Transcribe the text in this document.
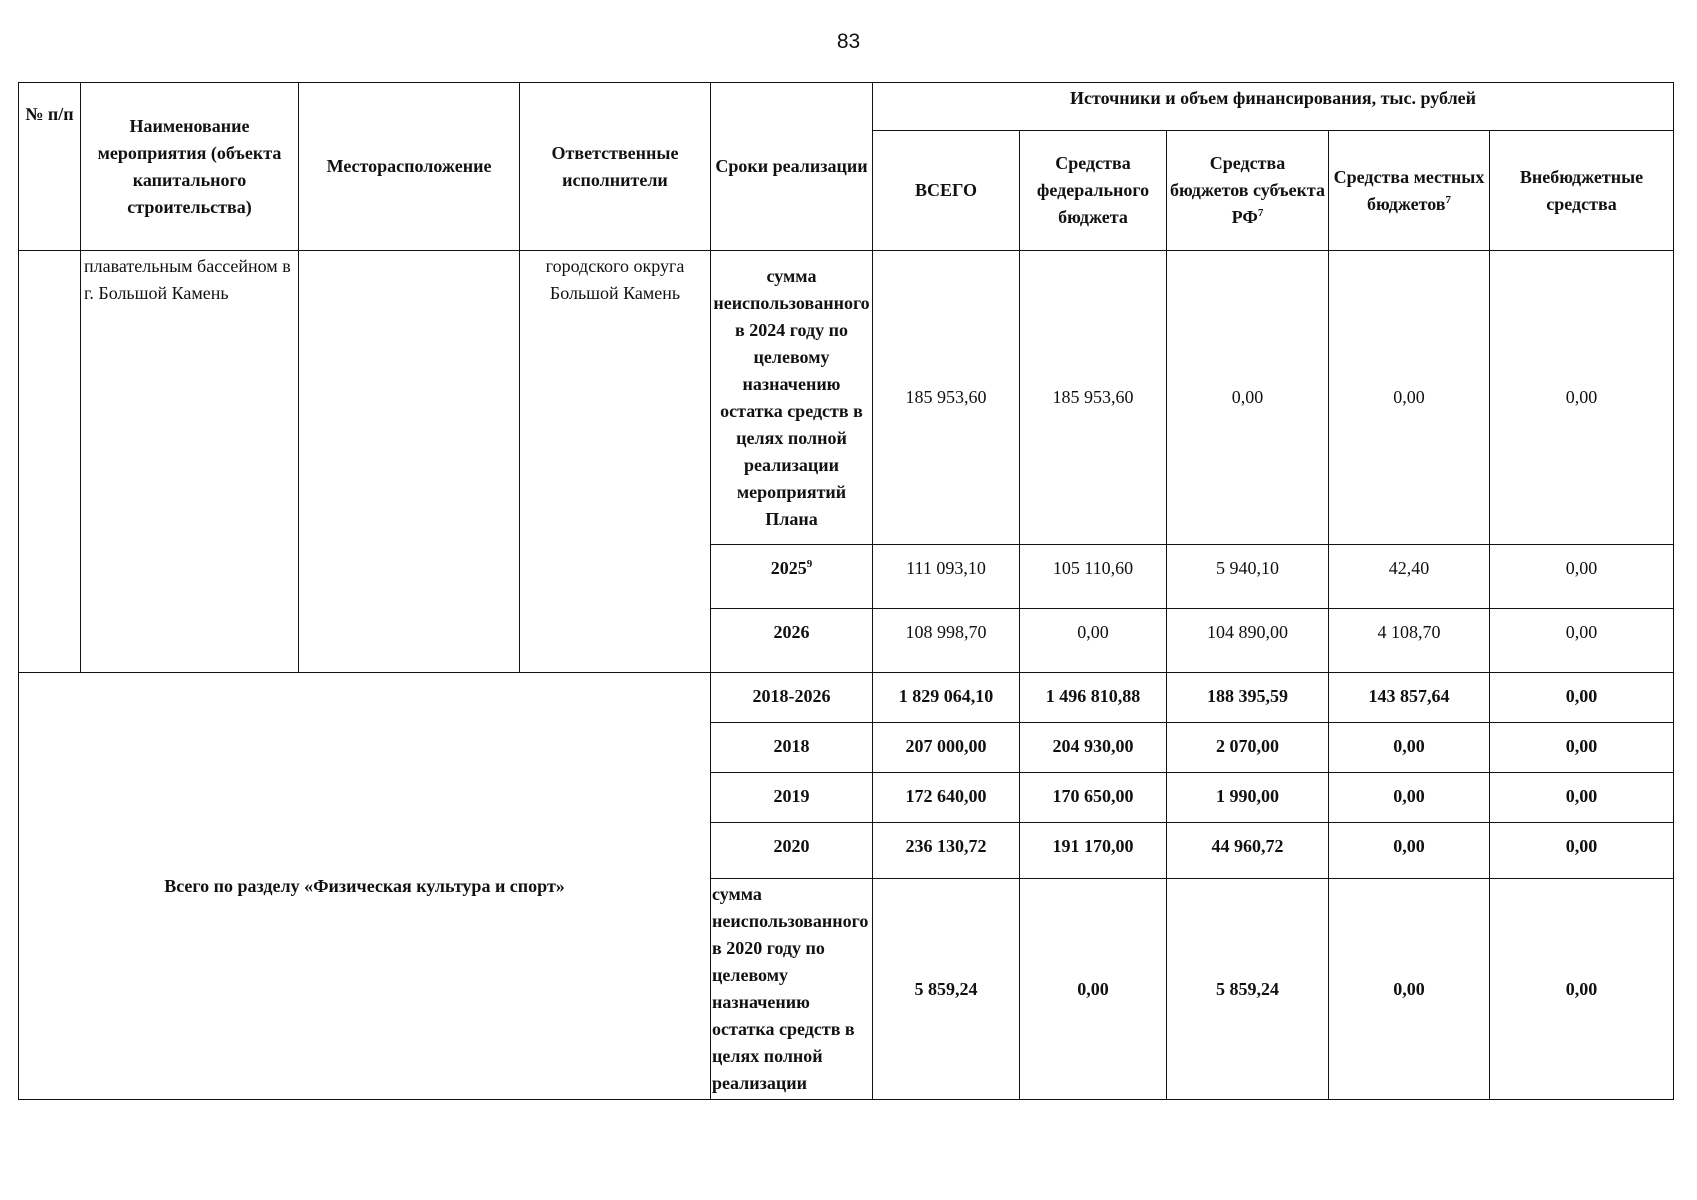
83
№ п/п	Наименование мероприятия (объекта капитального строительства)	Месторасположение	Ответственные исполнители	Сроки реализации	Источники и объем финансирования, тыс. рублей				
					ВСЕГО	Средства федерального бюджета	Средства бюджетов субъекта $РФ^7$	Средства местных бюджетов$^7$	Внебюджетные средства
	плавательным бассейном в г. Большой Камень		городского округа Большой Камень	сумма неиспользованного в 2024 году по целевому назначению остатка средств в целях полной реализации мероприятий Плана	185 953,60	185 953,60	0,00	0,00	0,00
				2025$^9$	111 093,10	105 110,60	5 940,10	42,40	0,00
				2026	108 998,70	0,00	104 890,00	4 108,70	0,00
Всего по разделу «Физическая культура и спорт»				2018-2026	1 829 064,10	1 496 810,88	188 395,59	143 857,64	0,00
				2018	207 000,00	204 930,00	2 070,00	0,00	0,00
				2019	172 640,00	170 650,00	1 990,00	0,00	0,00
				2020	236 130,72	191 170,00	44 960,72	0,00	0,00
				сумма неиспользованного в 2020 году по целевому назначению остатка средств в целях полной реализации	5 859,24	0,00	5 859,24	0,00	0,00
